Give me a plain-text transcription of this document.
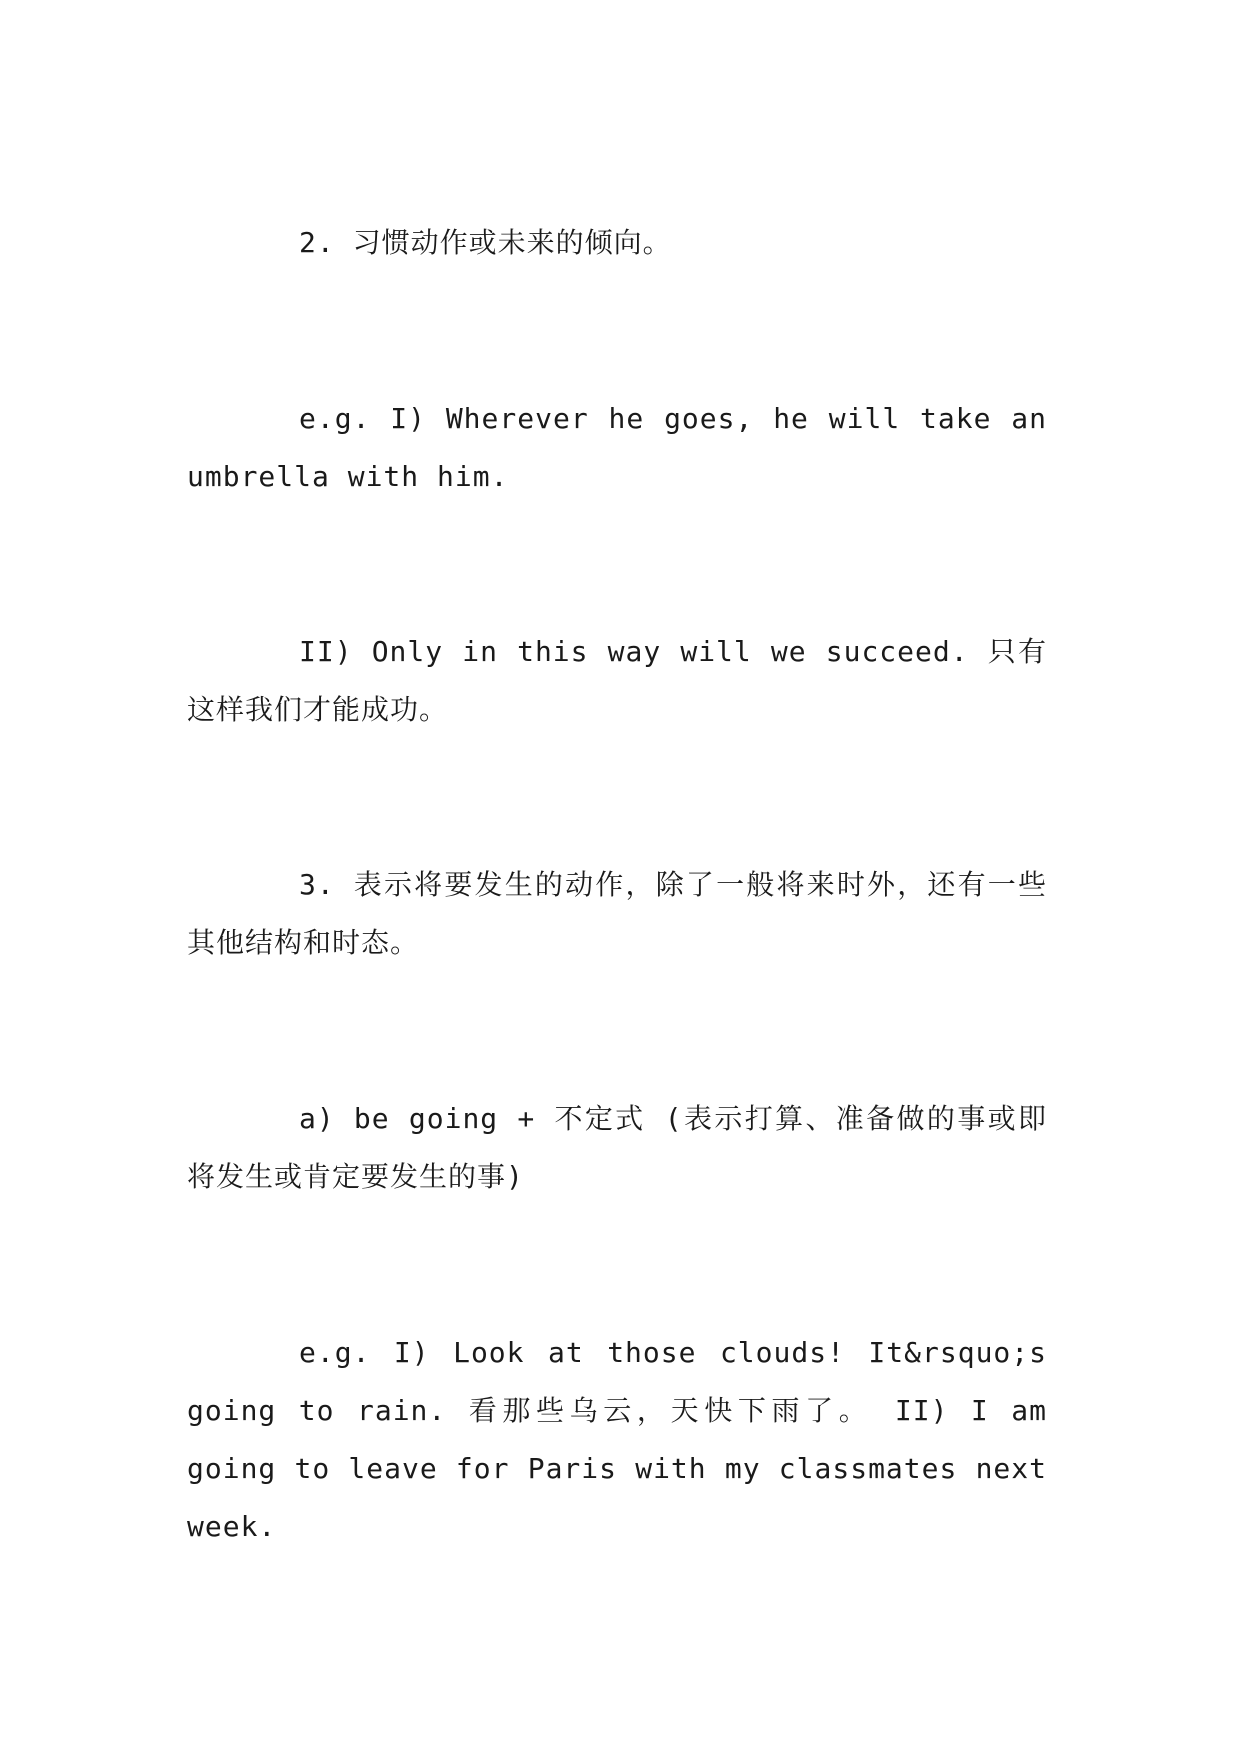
2. 习惯动作或未来的倾向。

e.g. I) Wherever he goes, he will take an umbrella with him.

II) Only in this way will we succeed. 只有这样我们才能成功。

3. 表示将要发生的动作，除了一般将来时外，还有一些其他结构和时态。

a) be going + 不定式 (表示打算、准备做的事或即将发生或肯定要发生的事)

e.g. I) Look at those clouds! It&rsquo;s going to rain. 看那些乌云，天快下雨了。 II) I am going to leave for Paris with my classmates next week.
